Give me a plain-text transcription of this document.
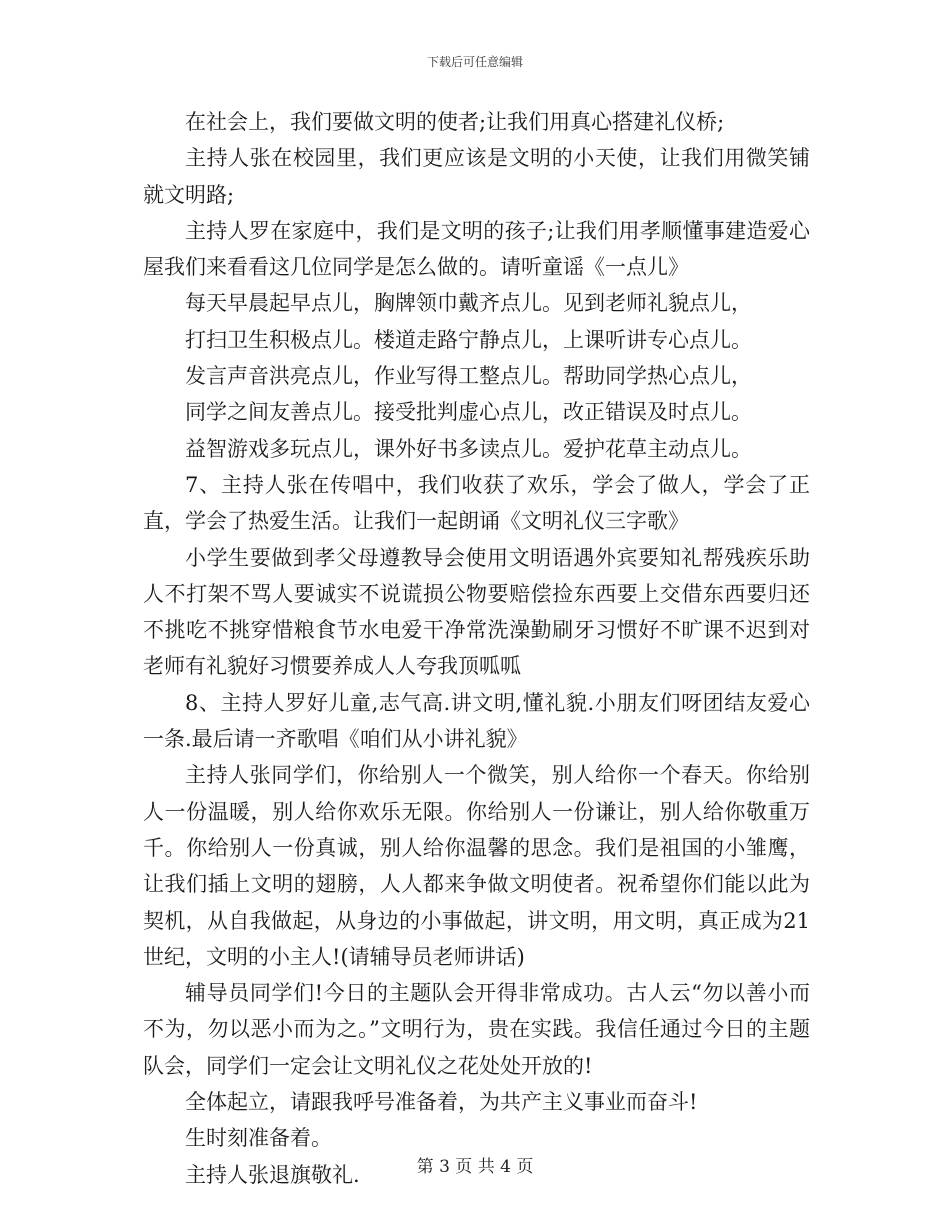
下载后可任意编辑

在社会上，我们要做文明的使者;让我们用真心搭建礼仪桥;

主持人张在校园里，我们更应该是文明的小天使，让我们用微笑铺就文明路;

主持人罗在家庭中，我们是文明的孩子;让我们用孝顺懂事建造爱心屋我们来看看这几位同学是怎么做的。请听童谣《一点儿》

每天早晨起早点儿，胸牌领巾戴齐点儿。见到老师礼貌点儿，

打扫卫生积极点儿。楼道走路宁静点儿，上课听讲专心点儿。

发言声音洪亮点儿，作业写得工整点儿。帮助同学热心点儿，

同学之间友善点儿。接受批判虚心点儿，改正错误及时点儿。

益智游戏多玩点儿，课外好书多读点儿。爱护花草主动点儿。

7、主持人张在传唱中，我们收获了欢乐，学会了做人，学会了正直，学会了热爱生活。让我们一起朗诵《文明礼仪三字歌》

小学生要做到孝父母遵教导会使用文明语遇外宾要知礼帮残疾乐助人不打架不骂人要诚实不说谎损公物要赔偿捡东西要上交借东西要归还不挑吃不挑穿惜粮食节水电爱干净常洗澡勤刷牙习惯好不旷课不迟到对老师有礼貌好习惯要养成人人夸我顶呱呱

8、主持人罗好儿童,志气高.讲文明,懂礼貌.小朋友们呀团结友爱心一条.最后请一齐歌唱《咱们从小讲礼貌》

主持人张同学们，你给别人一个微笑，别人给你一个春天。你给别人一份温暖，别人给你欢乐无限。你给别人一份谦让，别人给你敬重万千。你给别人一份真诚，别人给你温馨的思念。我们是祖国的小雏鹰，让我们插上文明的翅膀，人人都来争做文明使者。祝希望你们能以此为契机，从自我做起，从身边的小事做起，讲文明，用文明，真正成为21世纪，文明的小主人!(请辅导员老师讲话)

辅导员同学们!今日的主题队会开得非常成功。古人云“勿以善小而不为，勿以恶小而为之。”文明行为，贵在实践。我信任通过今日的主题队会，同学们一定会让文明礼仪之花处处开放的!

全体起立，请跟我呼号准备着，为共产主义事业而奋斗!

生时刻准备着。

主持人张退旗敬礼.	第 3 页 共 4 页
